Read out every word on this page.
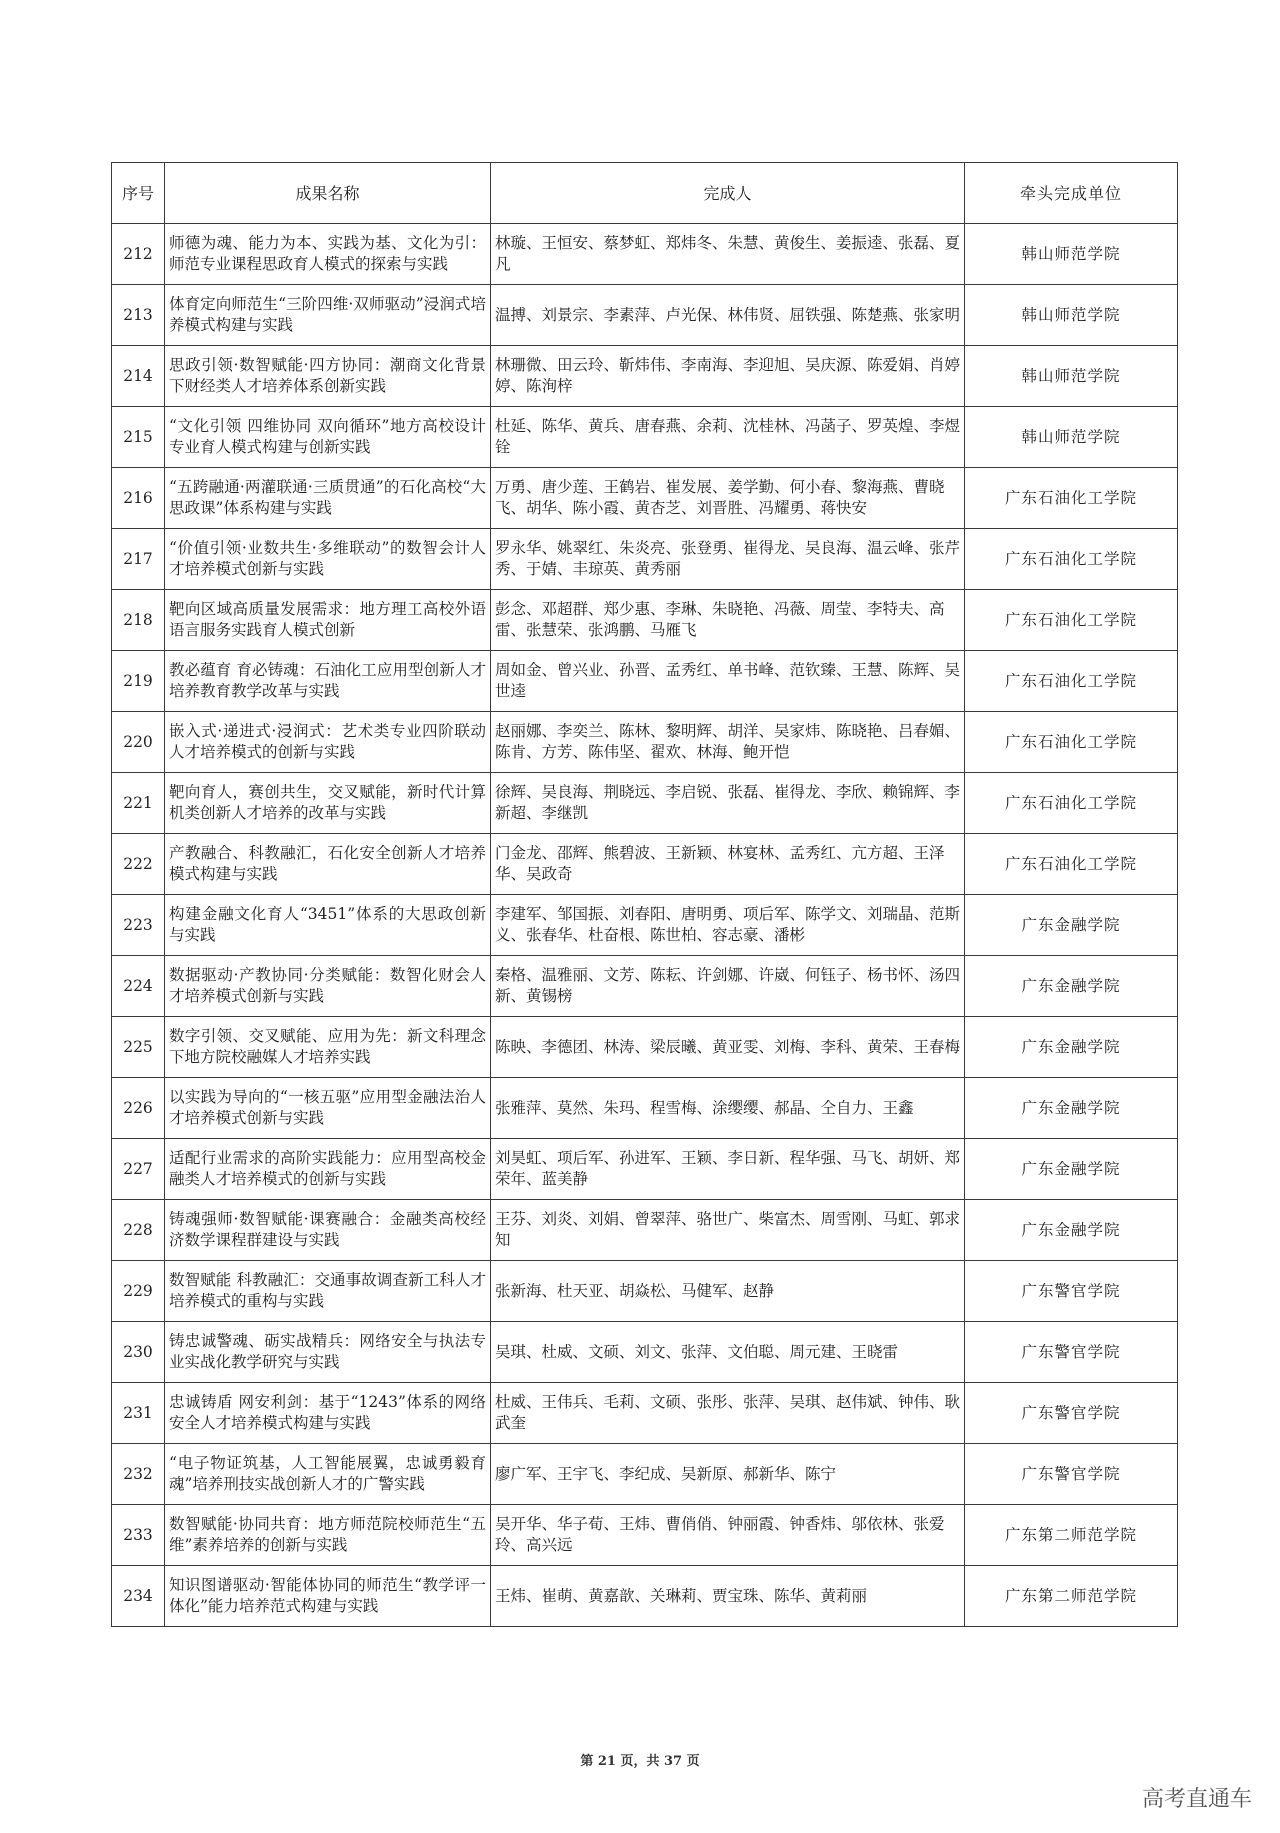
序号	成果名称	完成人	牵头完成单位
212	师德为魂、能力为本、实践为基、文化为引：师范专业课程思政育人模式的探索与实践	林璇、王恒安、蔡梦虹、郑炜冬、朱慧、黄俊生、姜振逵、张磊、夏凡	韩山师范学院
213	体育定向师范生“三阶四维·双师驱动”浸润式培养模式构建与实践	温搏、刘景宗、李素萍、卢光保、林伟贤、屈铁强、陈楚燕、张家明	韩山师范学院
214	思政引领·数智赋能·四方协同：潮商文化背景下财经类人才培养体系创新实践	林珊微、田云玲、靳炜伟、李南海、李迎旭、吴庆源、陈爱娟、肖婷婷、陈洵梓	韩山师范学院
215	“文化引领 四维协同 双向循环”地方高校设计专业育人模式构建与创新实践	杜延、陈华、黄兵、唐春燕、余莉、沈桂林、冯菡子、罗英煌、李煜铨	韩山师范学院
216	“五跨融通·两灌联通·三质贯通”的石化高校“大思政课”体系构建与实践	万勇、唐少莲、王鹤岩、崔发展、姜学勤、何小春、黎海燕、曹晓飞、胡华、陈小霞、黄杏芝、刘晋胜、冯耀勇、蒋快安	广东石油化工学院
217	“价值引领·业数共生·多维联动”的数智会计人才培养模式创新与实践	罗永华、姚翠红、朱炎亮、张登勇、崔得龙、吴良海、温云峰、张芹秀、于婧、丰琼英、黄秀丽	广东石油化工学院
218	靶向区域高质量发展需求：地方理工高校外语语言服务实践育人模式创新	彭念、邓超群、郑少惠、李琳、朱晓艳、冯薇、周莹、李特夫、高雷、张慧荣、张鸿鹏、马雁飞	广东石油化工学院
219	教必蕴育 育必铸魂：石油化工应用型创新人才培养教育教学改革与实践	周如金、曾兴业、孙晋、孟秀红、单书峰、范钦臻、王慧、陈辉、吴世逵	广东石油化工学院
220	嵌入式·递进式·浸润式：艺术类专业四阶联动人才培养模式的创新与实践	赵丽娜、李奕兰、陈林、黎明辉、胡洋、吴家炜、陈晓艳、吕春媚、陈肯、方芳、陈伟坚、翟欢、林海、鲍开恺	广东石油化工学院
221	靶向育人，赛创共生，交叉赋能，新时代计算机类创新人才培养的改革与实践	徐辉、吴良海、荆晓远、李启锐、张磊、崔得龙、李欣、赖锦辉、李新超、李继凯	广东石油化工学院
222	产教融合、科教融汇，石化安全创新人才培养模式构建与实践	门金龙、邵辉、熊碧波、王新颖、林宴林、孟秀红、亢方超、王泽华、吴政奇	广东石油化工学院
223	构建金融文化育人“3451”体系的大思政创新与实践	李建军、邹国振、刘春阳、唐明勇、项后军、陈学文、刘瑞晶、范斯义、张春华、杜奋根、陈世柏、容志豪、潘彬	广东金融学院
224	数据驱动·产教协同·分类赋能：数智化财会人才培养模式创新与实践	秦格、温雅丽、文芳、陈耘、许剑娜、许崴、何钰子、杨书怀、汤四新、黄锡榜	广东金融学院
225	数字引领、交叉赋能、应用为先：新文科理念下地方院校融媒人才培养实践	陈映、李德团、林涛、梁辰曦、黄亚雯、刘梅、李科、黄荣、王春梅	广东金融学院
226	以实践为导向的“一核五驱”应用型金融法治人才培养模式创新与实践	张雅萍、莫然、朱玛、程雪梅、涂缨缨、郝晶、仝自力、王鑫	广东金融学院
227	适配行业需求的高阶实践能力：应用型高校金融类人才培养模式的创新与实践	刘昊虹、项后军、孙进军、王颖、李日新、程华强、马飞、胡妍、郑荣年、蓝美静	广东金融学院
228	铸魂强师·数智赋能·课赛融合：金融类高校经济数学课程群建设与实践	王芬、刘炎、刘娟、曾翠萍、骆世广、柴富杰、周雪刚、马虹、郭求知	广东金融学院
229	数智赋能 科教融汇：交通事故调查新工科人才培养模式的重构与实践	张新海、杜天亚、胡焱松、马健军、赵静	广东警官学院
230	铸忠诚警魂、砺实战精兵：网络安全与执法专业实战化教学研究与实践	吴琪、杜威、文硕、刘文、张萍、文伯聪、周元建、王晓雷	广东警官学院
231	忠诚铸盾 网安利剑：基于“1243”体系的网络安全人才培养模式构建与实践	杜威、王伟兵、毛莉、文硕、张彤、张萍、吴琪、赵伟斌、钟伟、耿武奎	广东警官学院
232	“电子物证筑基，人工智能展翼，忠诚勇毅育魂”培养刑技实战创新人才的广警实践	廖广军、王宇飞、李纪成、吴新原、郝新华、陈宁	广东警官学院
233	数智赋能·协同共育：地方师范院校师范生“五维”素养培养的创新与实践	吴开华、华子荀、王炜、曹俏俏、钟丽霞、钟香炜、邬依林、张爱玲、高兴远	广东第二师范学院
234	知识图谱驱动·智能体协同的师范生“教学评一体化”能力培养范式构建与实践	王炜、崔萌、黄嘉歆、关琳莉、贾宝珠、陈华、黄莉丽	广东第二师范学院
第 21 页，共 37 页
高考直通车
